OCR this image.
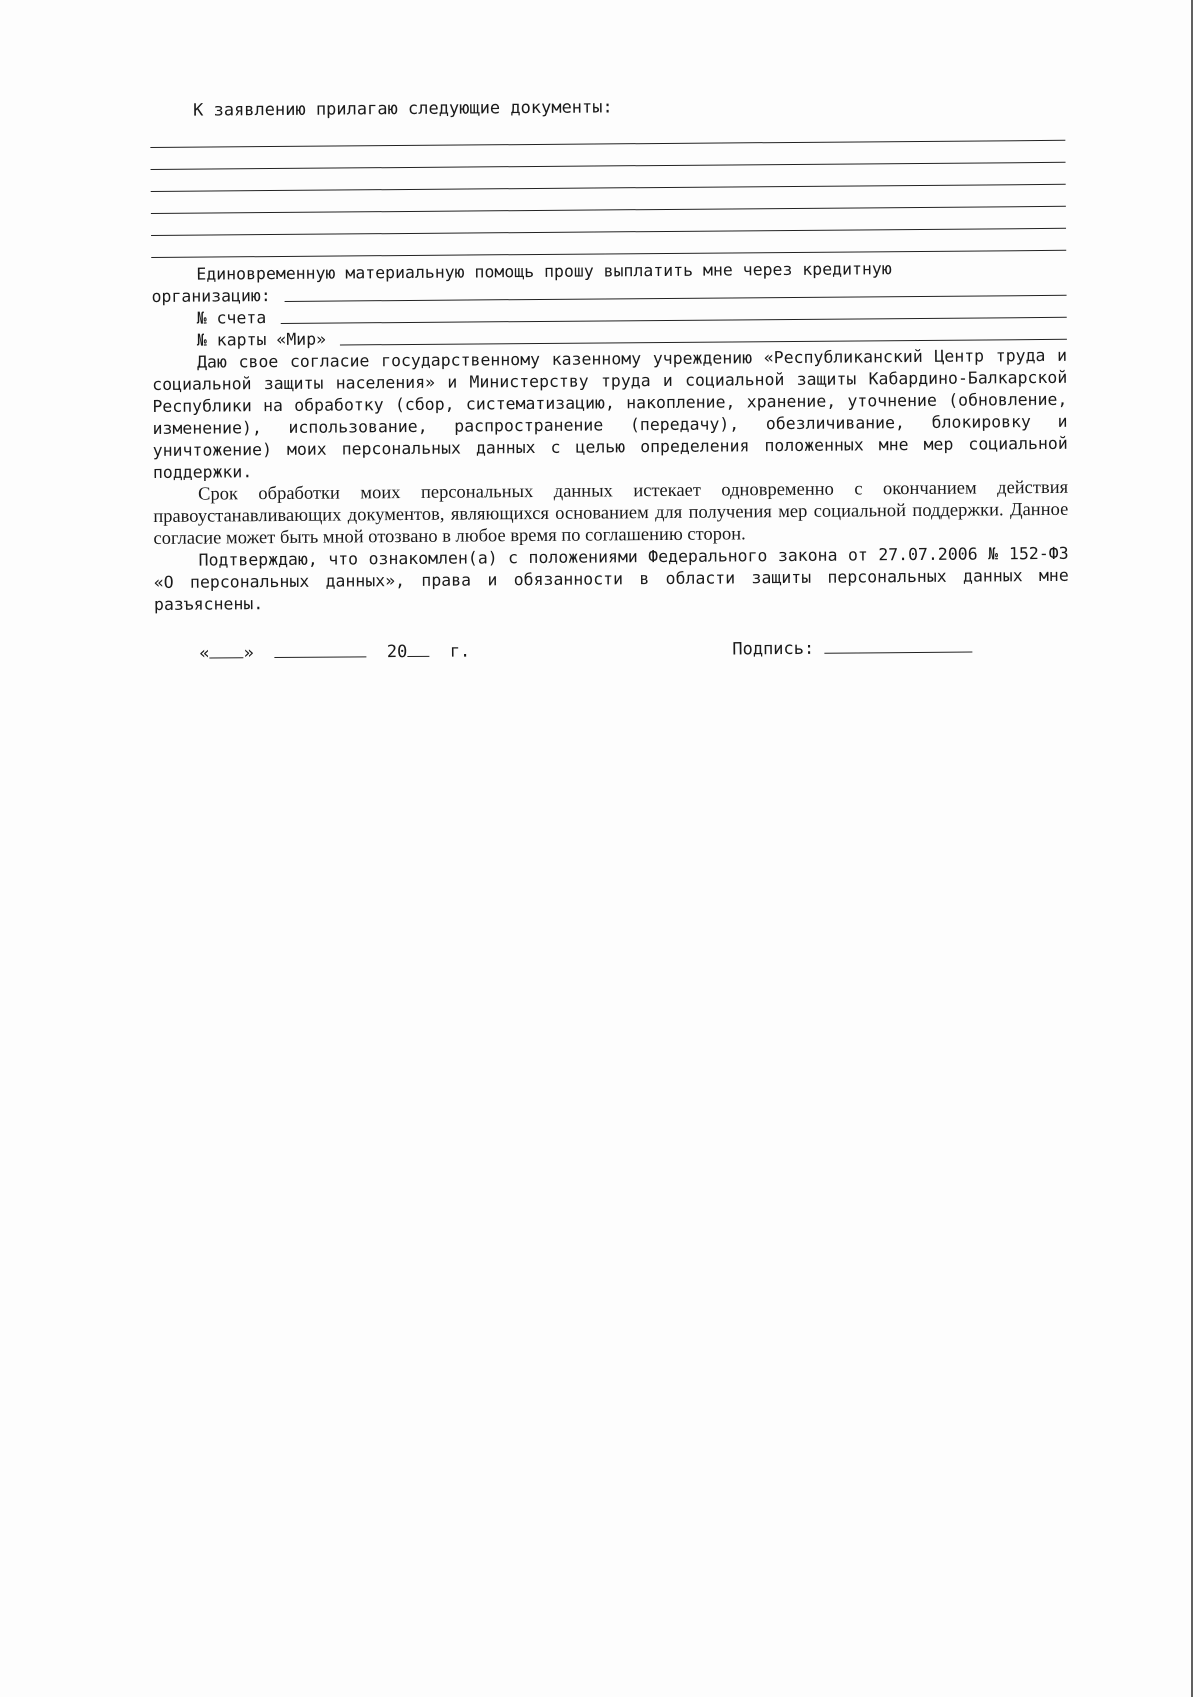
К заявлению прилагаю следующие документы:

Единовременную материальную помощь прошу выплатить мне через кредитную

организацию:
№ счета
№ карты «Мир»

Даю свое согласие государственному казенному учреждению «Республиканский Центр труда и социальной защиты населения» и Министерству труда и социальной защиты Кабардино-Балкарской Республики на обработку (сбор, систематизацию, накопление, хранение, уточнение (обновление, изменение), использование, распространение (передачу), обезличивание, блокировку и уничтожение) моих персональных данных с целью определения положенных мне мер социальной поддержки.

Срок обработки моих персональных данных истекает одновременно с окончанием действия правоустанавливающих документов, являющихся основанием для получения мер социальной поддержки. Данное согласие может быть мной отозвано в любое время по соглашению сторон.

Подтверждаю, что ознакомлен(а) с положениями Федерального закона от 27.07.2006 № 152-ФЗ «О персональных данных», права и обязанности в области защиты персональных данных мне разъяснены.

« »	20 г.	Подпись:
